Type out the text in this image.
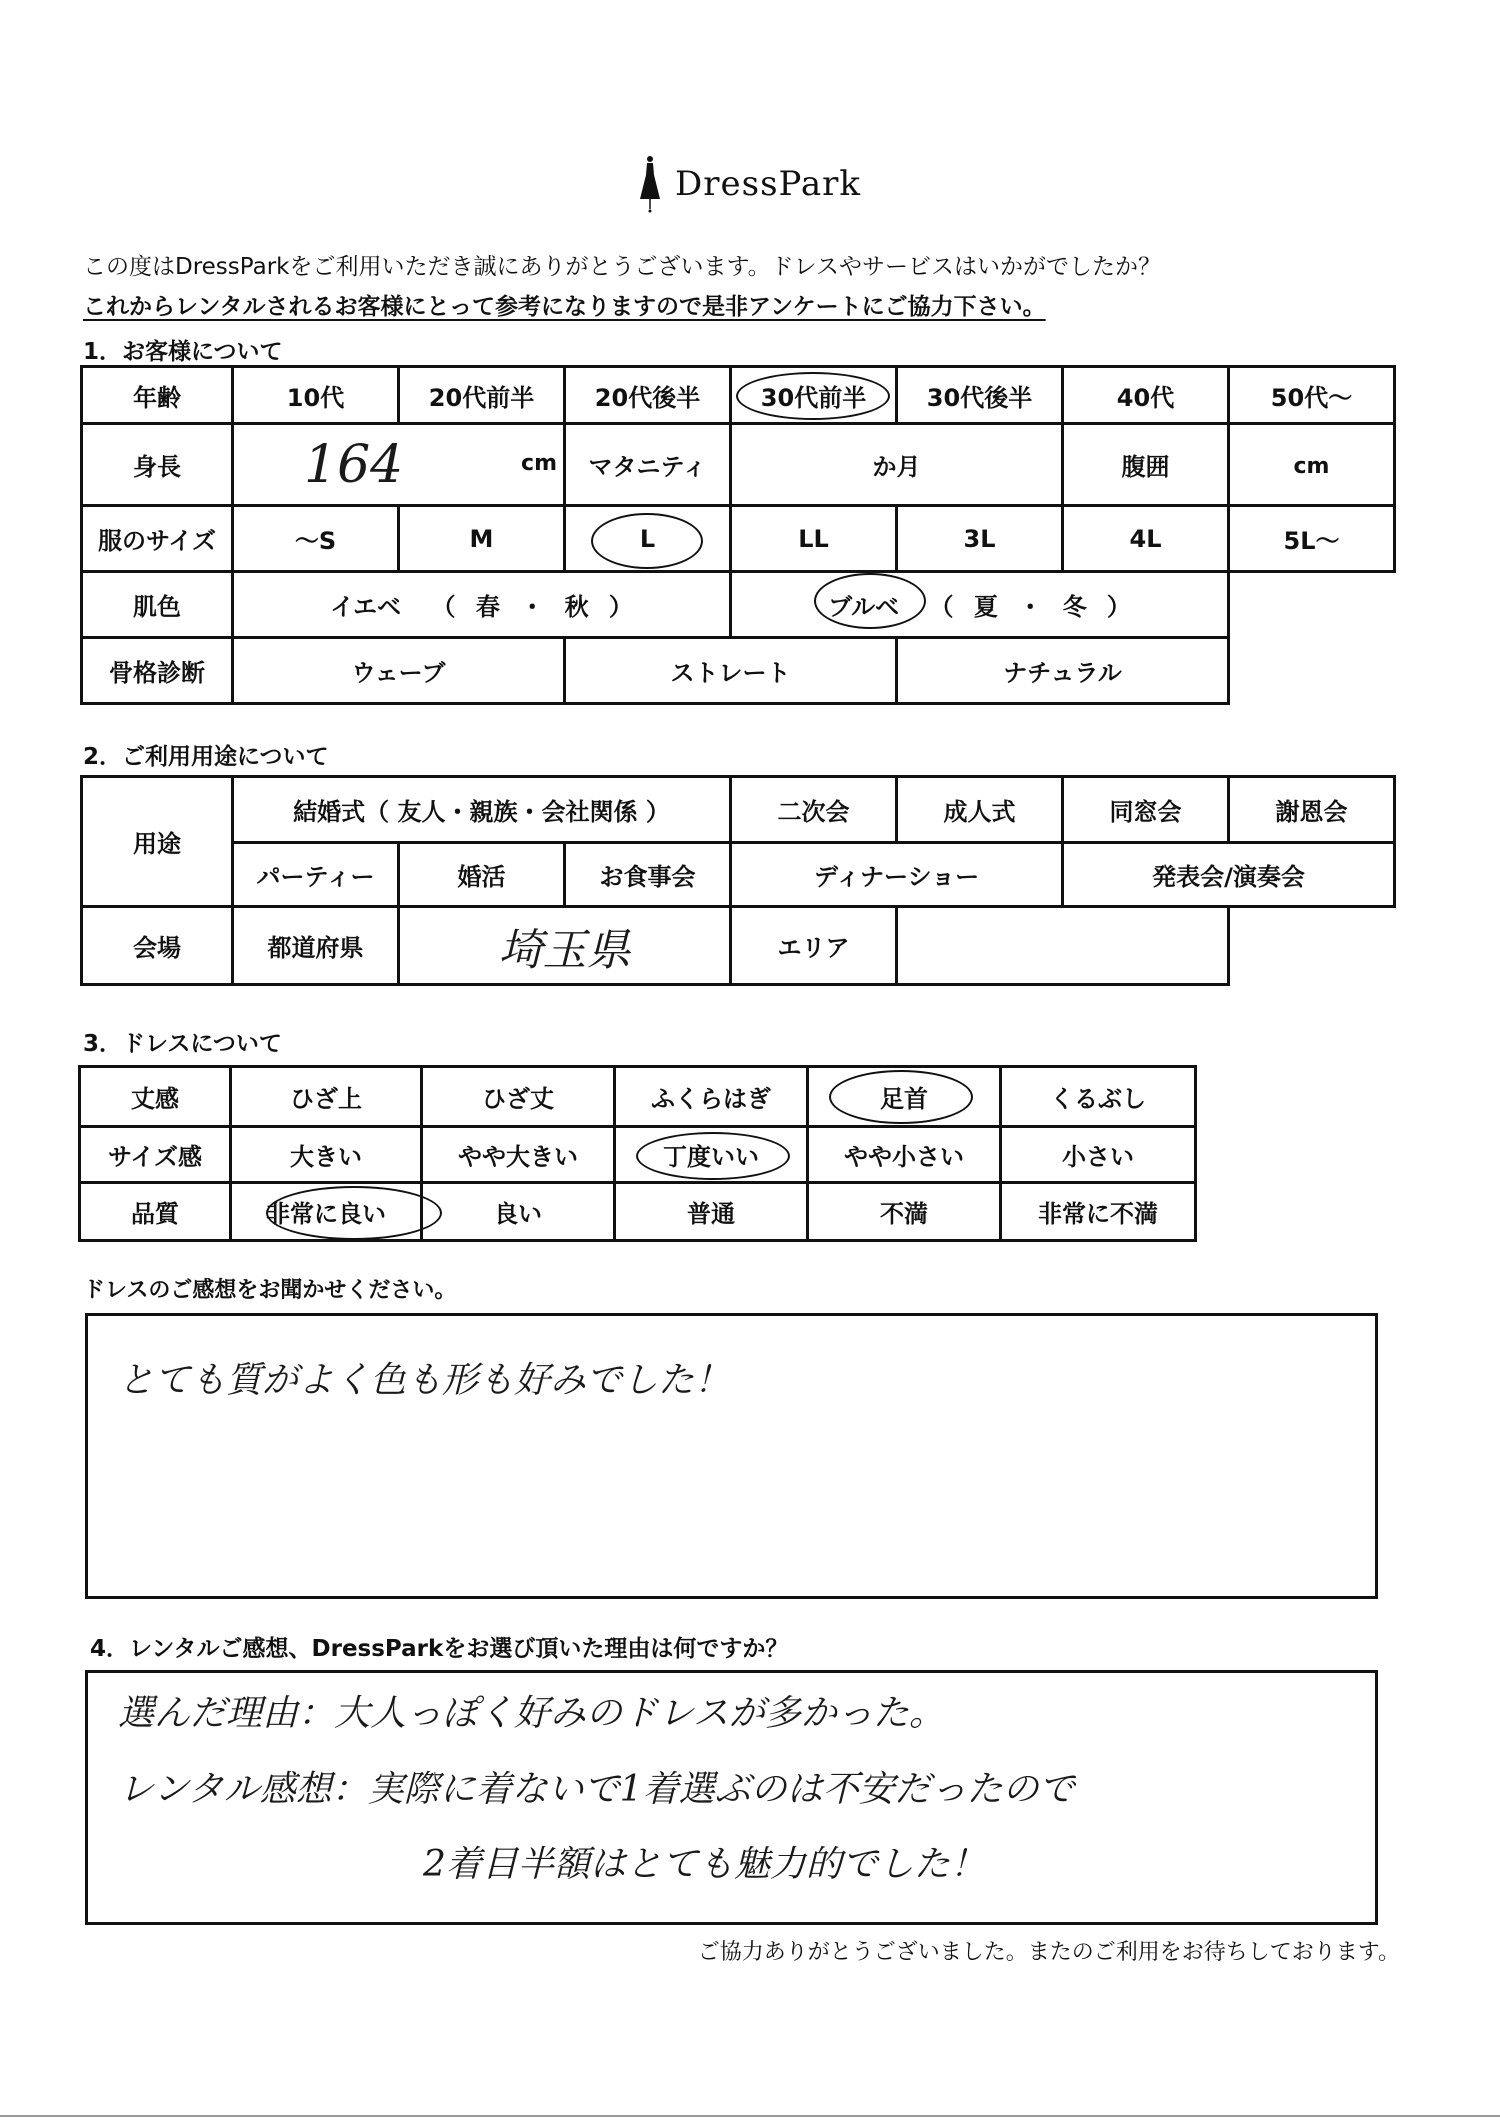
DressPark
この度はDressParkをご利用いただき誠にありがとうございます。ドレスやサービスはいかがでしたか？
これからレンタルされるお客様にとって参考になりますので是非アンケートにご協力下さい。
1．お客様について
年齢	10代	20代前半	20代後半	30代前半	30代後半	40代	50代～
身長	164 cm		マタニティ	か月		腹囲	cm
服のサイズ	～S	M	L	LL	3L	4L	5L～
肌色	イエベ （ 春 ・ 秋 ）			ブルベ （ 夏 ・ 冬 ）			
骨格診断	ウェーブ		ストレート		ナチュラル		
2．ご利用用途について
用途	結婚式（ 友人・親族・会社関係 ）			二次会	成人式	同窓会	謝恩会
	パーティー	婚活	お食事会	ディナーショー		発表会/演奏会	
会場	都道府県	埼玉県		エリア			
3．ドレスについて
丈感	ひざ上	ひざ丈	ふくらはぎ	足首	くるぶし
サイズ感	大きい	やや大きい	丁度いい	やや小さい	小さい
品質	非常に良い	良い	普通	不満	非常に不満
ドレスのご感想をお聞かせください。
とても質がよく色も形も好みでした！
4．レンタルご感想、DressParkをお選び頂いた理由は何ですか？
選んだ理由：大人っぽく好みのドレスが多かった。
レンタル感想：実際に着ないで1着選ぶのは不安だったので
2着目半額はとても魅力的でした！
ご協力ありがとうございました。またのご利用をお待ちしております。
